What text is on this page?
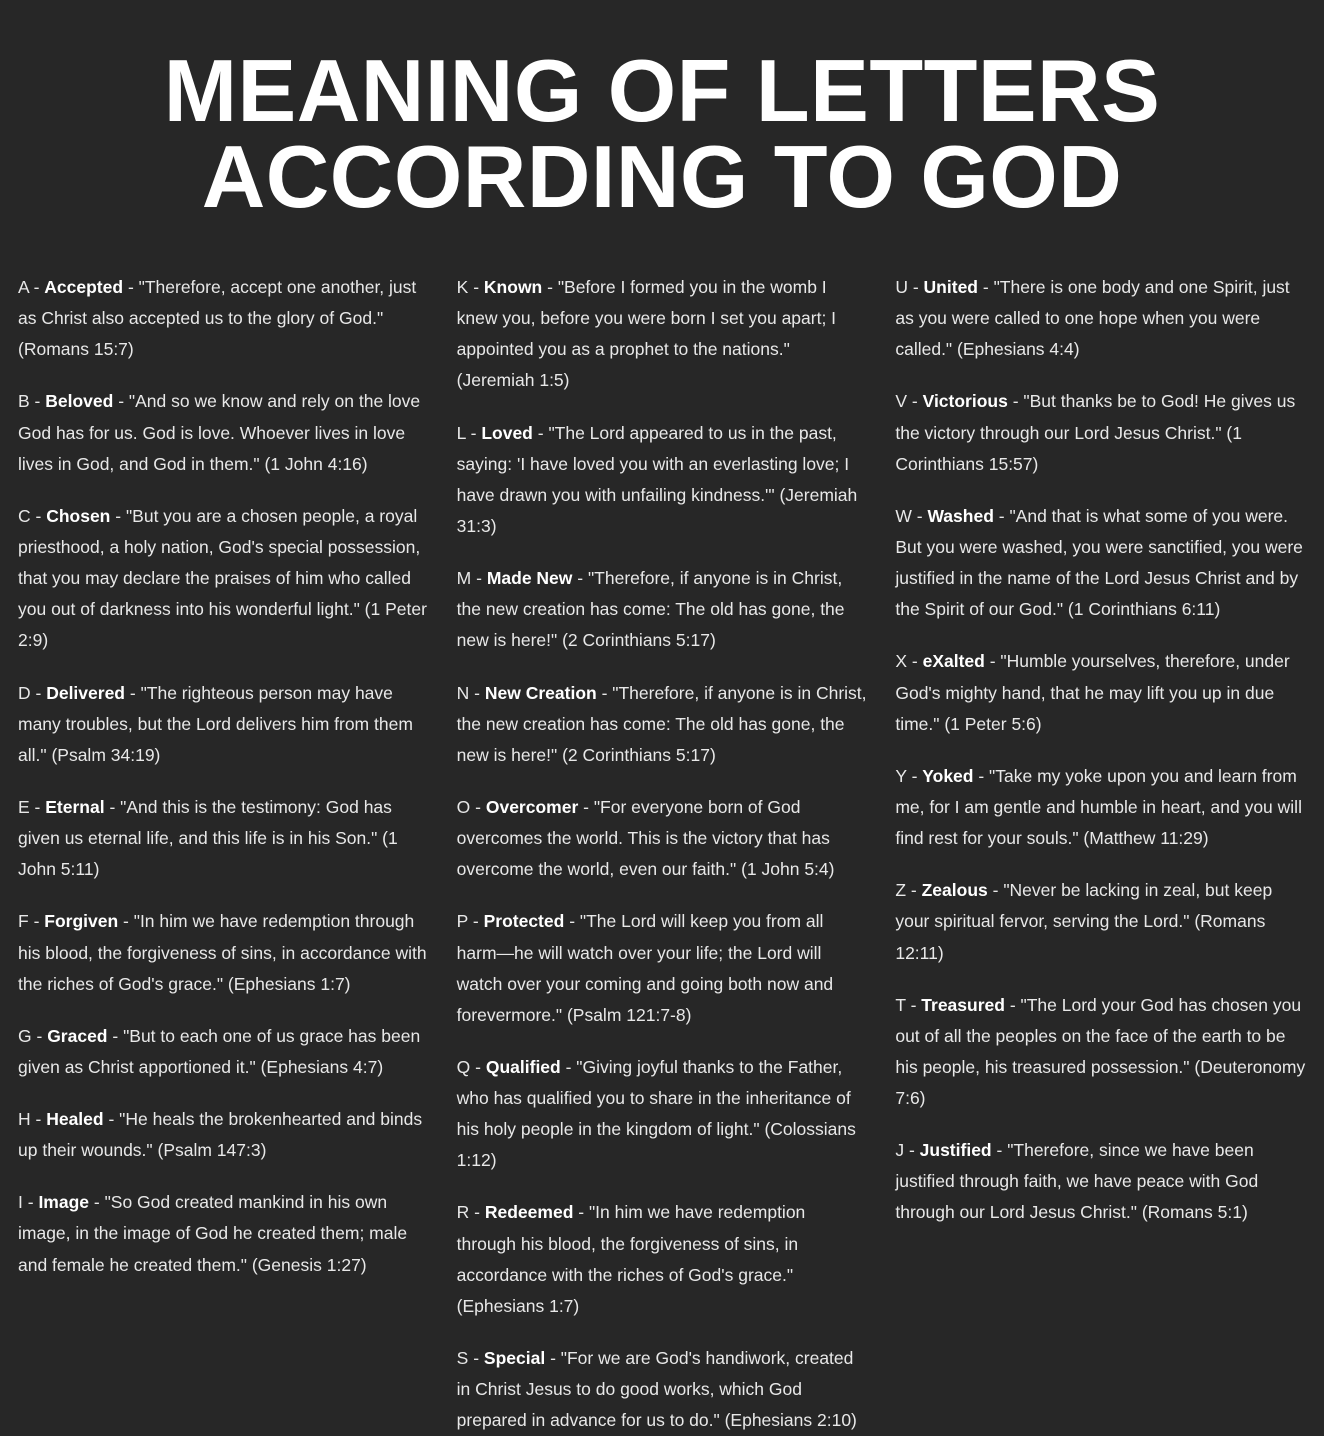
MEANING OF LETTERS
ACCORDING TO GOD

A - Accepted - "Therefore, accept one another, just as Christ also accepted us to the glory of God." (Romans 15:7)

B - Beloved - "And so we know and rely on the love God has for us. God is love. Whoever lives in love lives in God, and God in them." (1 John 4:16)

C - Chosen - "But you are a chosen people, a royal priesthood, a holy nation, God's special possession, that you may declare the praises of him who called you out of darkness into his wonderful light." (1 Peter 2:9)

D - Delivered - "The righteous person may have many troubles, but the Lord delivers him from them all." (Psalm 34:19)

E - Eternal - "And this is the testimony: God has given us eternal life, and this life is in his Son." (1 John 5:11)

F - Forgiven - "In him we have redemption through his blood, the forgiveness of sins, in accordance with the riches of God's grace." (Ephesians 1:7)

G - Graced - "But to each one of us grace has been given as Christ apportioned it." (Ephesians 4:7)

H - Healed - "He heals the brokenhearted and binds up their wounds." (Psalm 147:3)

I - Image - "So God created mankind in his own image, in the image of God he created them; male and female he created them." (Genesis 1:27)

K - Known - "Before I formed you in the womb I knew you, before you were born I set you apart; I appointed you as a prophet to the nations." (Jeremiah 1:5)

L - Loved - "The Lord appeared to us in the past, saying: 'I have loved you with an everlasting love; I have drawn you with unfailing kindness.'" (Jeremiah 31:3)

M - Made New - "Therefore, if anyone is in Christ, the new creation has come: The old has gone, the new is here!" (2 Corinthians 5:17)

N - New Creation - "Therefore, if anyone is in Christ, the new creation has come: The old has gone, the new is here!" (2 Corinthians 5:17)

O - Overcomer - "For everyone born of God overcomes the world. This is the victory that has overcome the world, even our faith." (1 John 5:4)

P - Protected - "The Lord will keep you from all harm—he will watch over your life; the Lord will watch over your coming and going both now and forevermore." (Psalm 121:7-8)

Q - Qualified - "Giving joyful thanks to the Father, who has qualified you to share in the inheritance of his holy people in the kingdom of light." (Colossians 1:12)

R - Redeemed - "In him we have redemption through his blood, the forgiveness of sins, in accordance with the riches of God's grace." (Ephesians 1:7)

S - Special - "For we are God's handiwork, created in Christ Jesus to do good works, which God prepared in advance for us to do." (Ephesians 2:10)

U - United - "There is one body and one Spirit, just as you were called to one hope when you were called." (Ephesians 4:4)

V - Victorious - "But thanks be to God! He gives us the victory through our Lord Jesus Christ." (1 Corinthians 15:57)

W - Washed - "And that is what some of you were. But you were washed, you were sanctified, you were justified in the name of the Lord Jesus Christ and by the Spirit of our God." (1 Corinthians 6:11)

X - eXalted - "Humble yourselves, therefore, under God's mighty hand, that he may lift you up in due time." (1 Peter 5:6)

Y - Yoked - "Take my yoke upon you and learn from me, for I am gentle and humble in heart, and you will find rest for your souls." (Matthew 11:29)

Z - Zealous - "Never be lacking in zeal, but keep your spiritual fervor, serving the Lord." (Romans 12:11)

T - Treasured - "The Lord your God has chosen you out of all the peoples on the face of the earth to be his people, his treasured possession." (Deuteronomy 7:6)

J - Justified - "Therefore, since we have been justified through faith, we have peace with God through our Lord Jesus Christ." (Romans 5:1)
